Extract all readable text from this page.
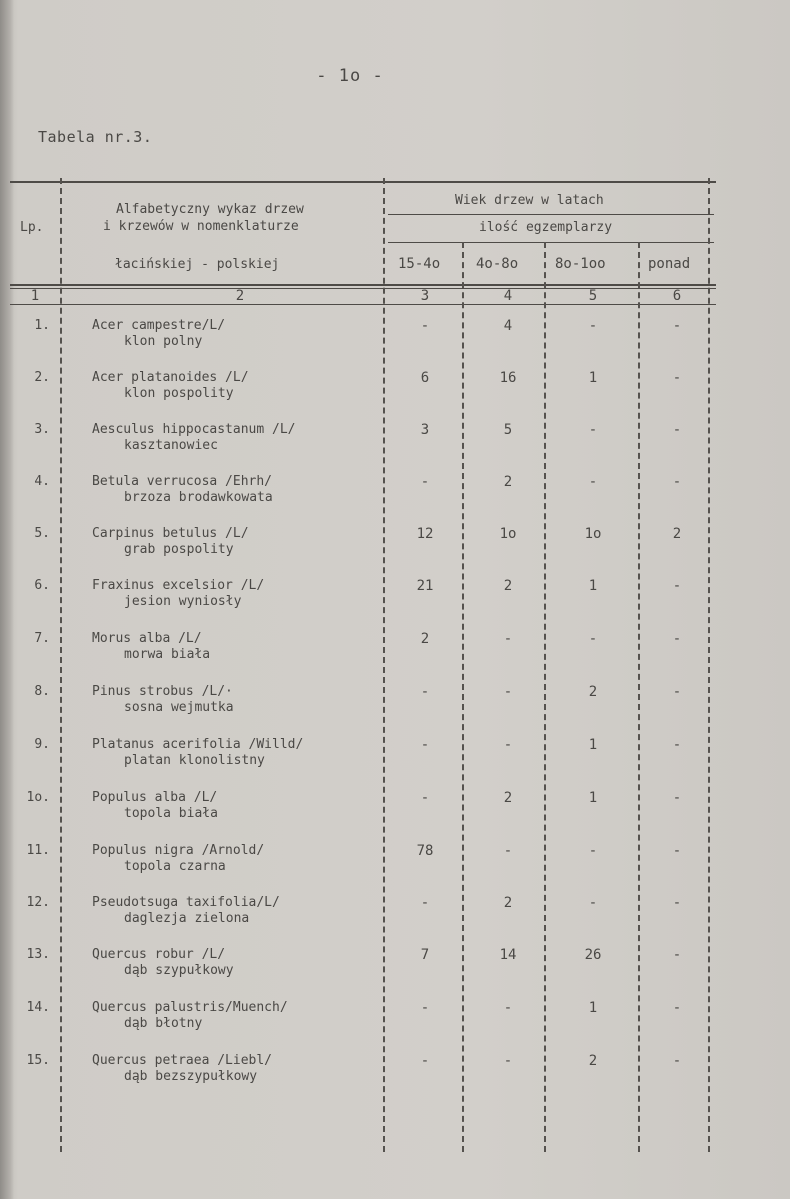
- 1o -
Tabela nr.3.
Lp.
Alfabetyczny wykaz drzew
i krzewów w nomenklaturze
łacińskiej - polskiej
Wiek drzew w latach
ilość egzemplarzy
15-4o	4o-8o	8o-1oo	ponad
1	2	3	4	5	6
1.	Acer campestre/L/
klon polny
-	4	-	-
2.	Acer platanoides /L/
klon pospolity
6	16	1	-
3.	Aesculus hippocastanum /L/
kasztanowiec
3	5	-	-
4.	Betula verrucosa /Ehrh/
brzoza brodawkowata
-	2	-	-
5.	Carpinus betulus /L/
grab pospolity
12	1o	1o	2
6.	Fraxinus excelsior /L/
jesion wyniosły
21	2	1	-
7.	Morus alba /L/
morwa biała
2	-	-	-
8.	Pinus strobus /L/·
sosna wejmutka
-	-	2	-
9.	Platanus acerifolia /Willd/
platan klonolistny
-	-	1	-
1o.	Populus alba /L/
topola biała
-	2	1	-
11.	Populus nigra /Arnold/
topola czarna
78	-	-	-
12.	Pseudotsuga taxifolia/L/
daglezja zielona
-	2	-	-
13.	Quercus robur /L/
dąb szypułkowy
7	14	26	-
14.	Quercus palustris/Muench/
dąb błotny
-	-	1	-
15.	Quercus petraea /Liebl/
dąb bezszypułkowy
-	-	2	-
